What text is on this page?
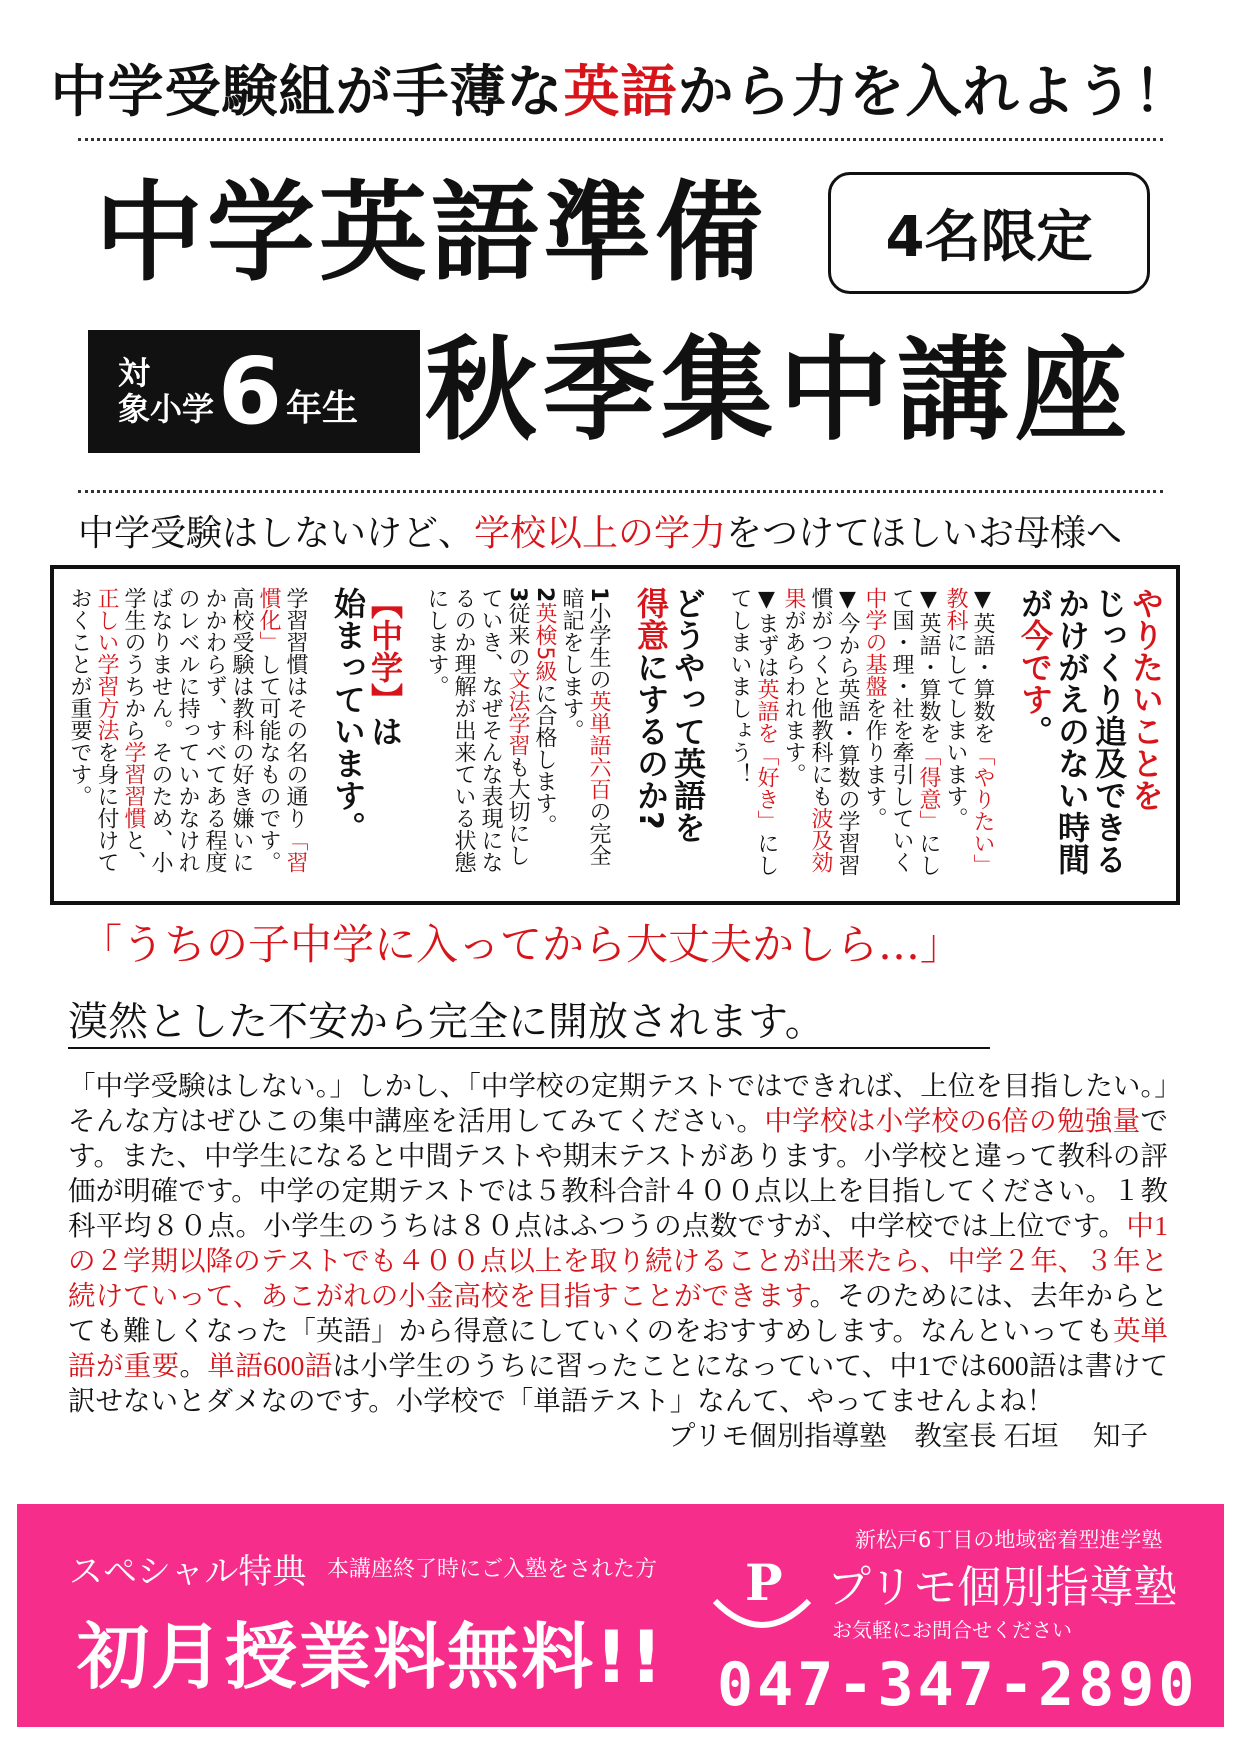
中学受験組が手薄な英語から力を入れよう！
中学英語準備	4名限定
対
象小学 6 年生 秋季集中講座
中学受験はしないけど、学校以上の学力をつけてほしいお母様へ
やりたいことを
じっくり追及できる
かけがえのない時間
が今です。

▼英語・算数を「やりたい」教科にしてしまいます。

▼英語・算数を「得意」にして国・理・社を牽引していく中学の基盤を作ります。

▼今から英語・算数の学習習慣がつくと他教科にも波及効果があらわれます。

▼まずは英語を「好き」にしてしまいましょう！

どうやって英語を
得意にするのか?

1小学生の英単語六百の完全暗記をします。

2英検5級に合格します。

3従来の文法学習も大切にしていき、なぜそんな表現になるのか理解が出来ている状態にします。

【中学】は
始まっています。
学習習慣はその名の通り「習慣化」して可能なものです。高校受験は教科の好き嫌いにかかわらず、すべてある程度のレベルに持っていかなければなりません。そのため、小学生のうちから学習習慣と、正しい学習方法を身に付けておくことが重要です。
「うちの子中学に入ってから大丈夫かしら…」
漠然とした不安から完全に開放されます。
「中学受験はしない。」しかし、「中学校の定期テストではできれば、上位を目指したい。」　そんな方はぜひこの集中講座を活用してみてください。中学校は小学校の6倍の勉強量です。また、中学生になると中間テストや期末テストがあります。小学校と違って教科の評価が明確です。中学の定期テストでは５教科合計４００点以上を目指してください。１教科平均８０点。小学生のうちは８０点はふつうの点数ですが、中学校では上位です。中1の２学期以降のテストでも４００点以上を取り続けることが出来たら、中学２年、３年と続けていって、あこがれの小金高校を目指すことができます。そのためには、去年からとても難しくなった「英語」から得意にしていくのをおすすめします。なんといっても英単語が重要。単語600語は小学生のうちに習ったことになっていて、中1では600語は書けて訳せないとダメなのです。小学校で「単語テスト」なんて、やってませんよね！
プリモ個別指導塾　教室長 石垣　 知子
スペシャル特典 本講座終了時にご入塾をされた方
初月授業料無料!!
新松戸6丁目の地域密着型進学塾
P プリモ個別指導塾
お気軽にお問合せください
047-347-2890
